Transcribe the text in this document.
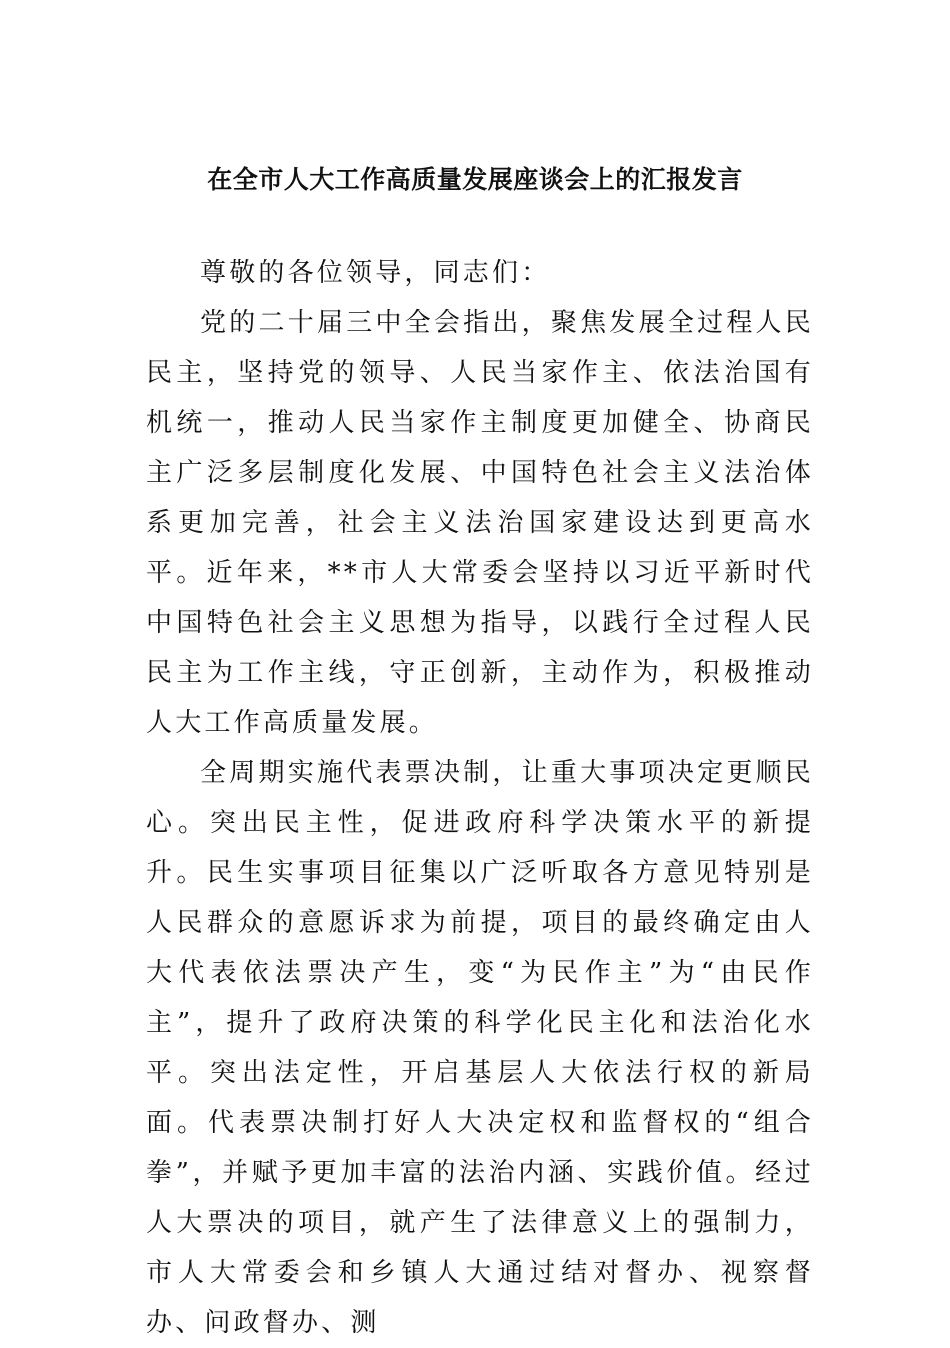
在全市人大工作高质量发展座谈会上的汇报发言

尊敬的各位领导，同志们：

党的二十届三中全会指出，聚焦发展全过程人民民主，坚持党的领导、人民当家作主、依法治国有机统一，推动人民当家作主制度更加健全、协商民主广泛多层制度化发展、中国特色社会主义法治体系更加完善，社会主义法治国家建设达到更高水平。近年来，**市人大常委会坚持以习近平新时代中国特色社会主义思想为指导，以践行全过程人民民主为工作主线，守正创新，主动作为，积极推动人大工作高质量发展。

全周期实施代表票决制，让重大事项决定更顺民心。突出民主性，促进政府科学决策水平的新提升。民生实事项目征集以广泛听取各方意见特别是人民群众的意愿诉求为前提，项目的最终确定由人大代表依法票决产生，变“为民作主”为“由民作主”，提升了政府决策的科学化民主化和法治化水平。突出法定性，开启基层人大依法行权的新局面。代表票决制打好人大决定权和监督权的“组合拳”，并赋予更加丰富的法治内涵、实践价值。经过人大票决的项目，就产生了法律意义上的强制力，市人大常委会和乡镇人大通过结对督办、视察督办、问政督办、测
